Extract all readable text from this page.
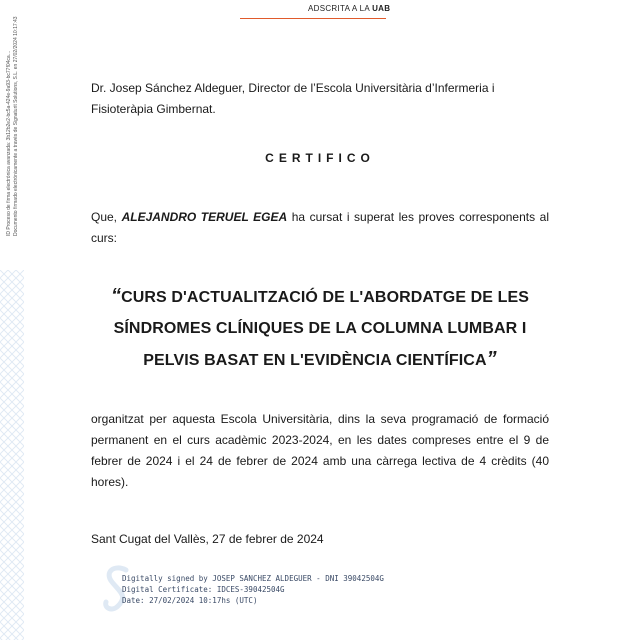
ADSCRITA A LA UAB
ID Proceso de firma electrónica avanzada: 3b12b2e2-bc5a-424e-9a93-bc77f04ca… Documento firmado electrónicamente a través de Signaturit Solutions, S.L. en 27/02/2024 10:17:43	Dr. Josep Sánchez Aldeguer, Director de l’Escola Universitària d’Infermeria i Fisioteràpia Gimbernat.
CERTIFICO
Que, ALEJANDRO TERUEL EGEA ha cursat i superat les proves corresponents al curs:
“CURS D'ACTUALITZACIÓ DE L'ABORDATGE DE LES SÍNDROMES CLÍNIQUES DE LA COLUMNA LUMBAR I PELVIS BASAT EN L'EVIDÈNCIA CIENTÍFICA”
organitzat per aquesta Escola Universitària, dins la seva programació de formació permanent en el curs acadèmic 2023-2024, en les dates compreses entre el 9 de febrer de 2024 i el 24 de febrer de 2024 amb una càrrega lectiva de 4 crèdits (40 hores).
Sant Cugat del Vallès, 27 de febrer de 2024
Digitally signed by JOSEP SANCHEZ ALDEGUER - DNI 39042504G
Digital Certificate: IDCES-39042504G
Date: 27/02/2024 10:17hs (UTC)
